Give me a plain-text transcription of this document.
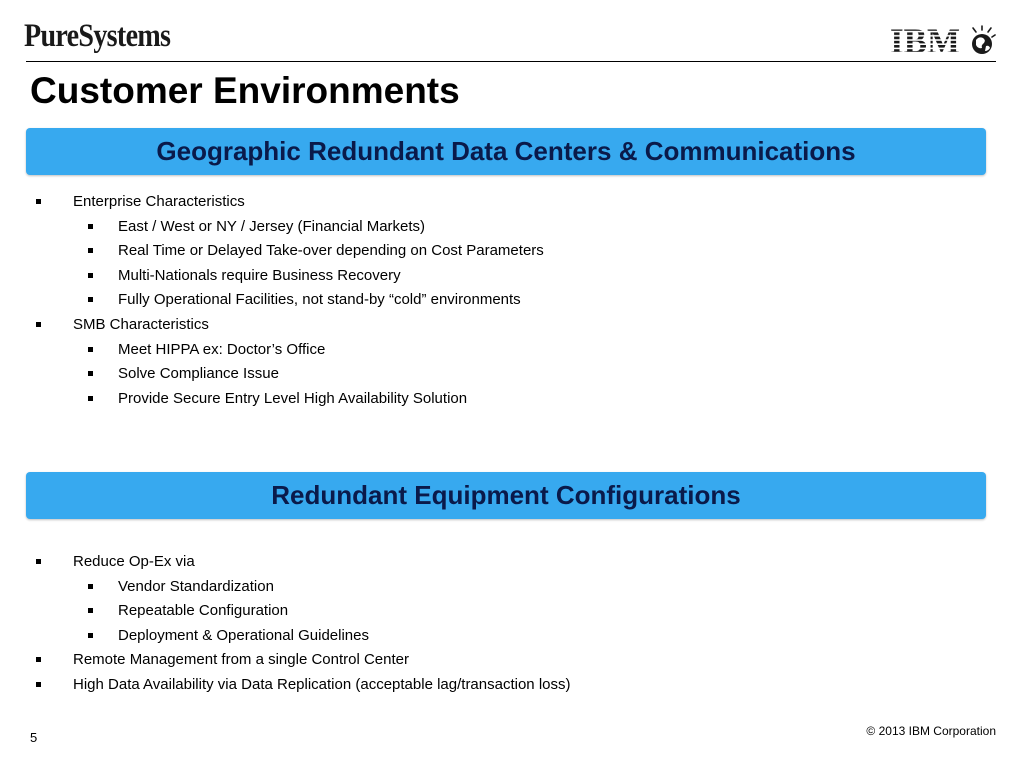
PureSystems	IBM
Customer Environments
Geographic Redundant Data Centers & Communications
Enterprise Characteristics
East / West or NY / Jersey (Financial Markets)
Real Time or Delayed Take-over depending on Cost Parameters
Multi-Nationals require Business Recovery
Fully Operational Facilities, not stand-by “cold” environments
SMB Characteristics
Meet HIPPA ex: Doctor’s Office
Solve Compliance Issue
Provide Secure Entry Level High Availability Solution
Redundant Equipment Configurations
Reduce Op-Ex via
Vendor Standardization
Repeatable Configuration
Deployment & Operational Guidelines
Remote Management from a single Control Center
High Data Availability via Data Replication (acceptable lag/transaction loss)
5	© 2013 IBM Corporation
